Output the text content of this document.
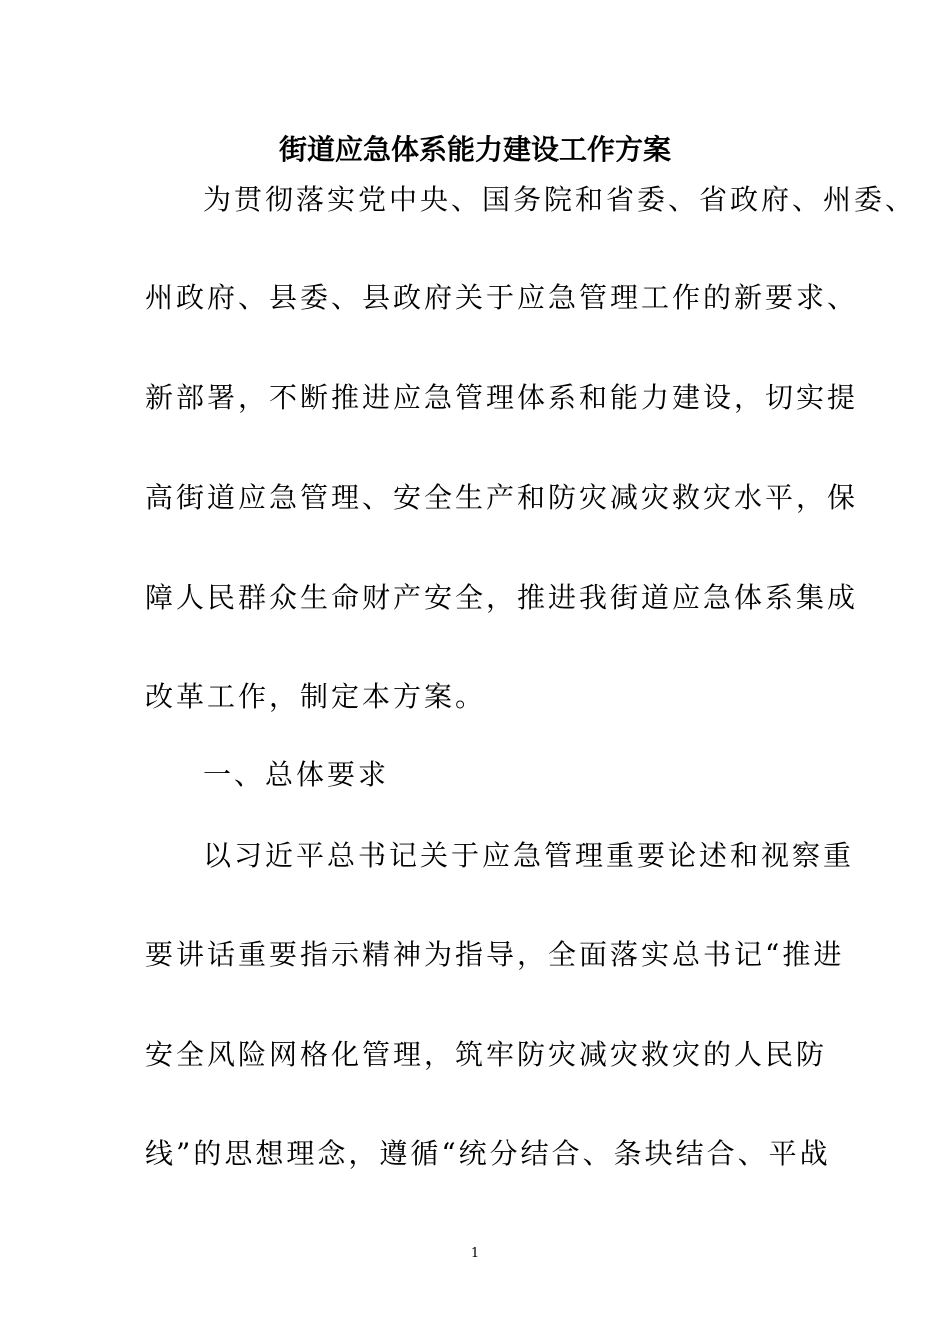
街道应急体系能力建设工作方案
为贯彻落实党中央、国务院和省委、省政府、州委、
州政府、县委、县政府关于应急管理工作的新要求、
新部署，不断推进应急管理体系和能力建设，切实提
高街道应急管理、安全生产和防灾减灾救灾水平，保
障人民群众生命财产安全，推进我街道应急体系集成
改革工作，制定本方案。
一、总体要求
以习近平总书记关于应急管理重要论述和视察重
要讲话重要指示精神为指导，全面落实总书记“推进
安全风险网格化管理，筑牢防灾减灾救灾的人民防
线”的思想理念，遵循“统分结合、条块结合、平战
1
